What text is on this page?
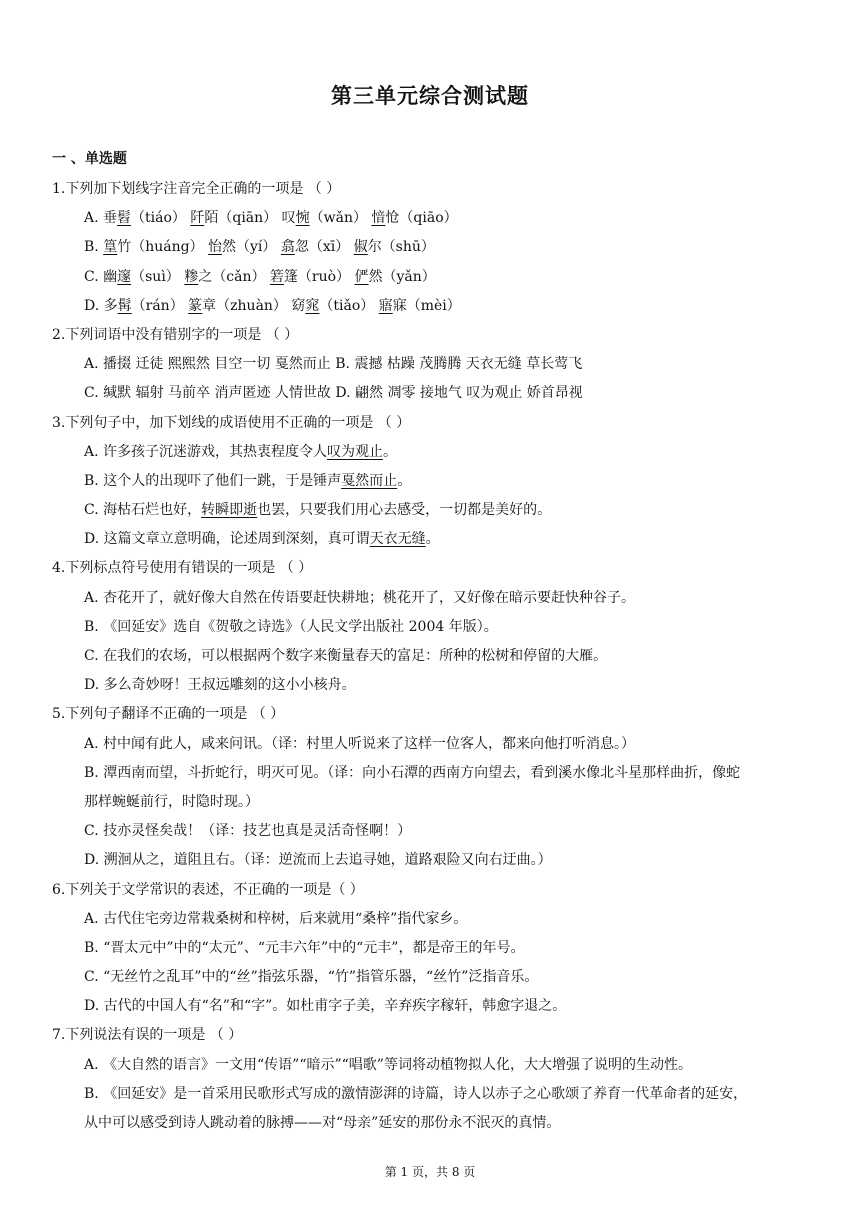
第三单元综合测试题
一 、单选题
1.下列加下划线字注音完全正确的一项是 （ ）
A. 垂髫（tiáo） 阡陌（qiān） 叹惋（wǎn） 愔怆（qiāo）
B. 篁竹（huáng） 怡然（yí） 翕忽（xī） 俶尔（shū）
C. 幽邃（suì） 糁之（cǎn） 箬篷（ruò） 俨然（yǎn）
D. 多髯（rán） 篆章（zhuàn） 窈窕（tiǎo） 寤寐（mèi）
2.下列词语中没有错别字的一项是 （ ）
A. 播掇 迁徒 熙熙然 目空一切 戛然而止 B. 震撼 枯躁 茂腾腾 天衣无缝 草长莺飞
C. 缄默 辐射 马前卒 消声匿迹 人情世故 D. 翩然 凋零 接地气 叹为观止 娇首昂视
3.下列句子中，加下划线的成语使用不正确的一项是 （ ）
A. 许多孩子沉迷游戏，其热衷程度令人叹为观止。
B. 这个人的出现吓了他们一跳，于是锤声戛然而止。
C. 海枯石烂也好，转瞬即逝也罢，只要我们用心去感受，一切都是美好的。
D. 这篇文章立意明确，论述周到深刻，真可谓天衣无缝。
4.下列标点符号使用有错误的一项是 （ ）
A. 杏花开了，就好像大自然在传语要赶快耕地；桃花开了，又好像在暗示要赶快种谷子。
B. 《回延安》选自《贺敬之诗选》（人民文学出版社 2004 年版）。
C. 在我们的农场，可以根据两个数字来衡量春天的富足：所种的松树和停留的大雁。
D. 多么奇妙呀！王叔远雕刻的这小小核舟。
5.下列句子翻译不正确的一项是 （ ）
A. 村中闻有此人，咸来问讯。（译：村里人听说来了这样一位客人，都来向他打听消息。）
B. 潭西南而望，斗折蛇行，明灭可见。（译：向小石潭的西南方向望去，看到溪水像北斗星那样曲折，像蛇
那样蜿蜒前行，时隐时现。）
C. 技亦灵怪矣哉！（译：技艺也真是灵活奇怪啊！）
D. 溯洄从之，道阻且右。（译：逆流而上去追寻她，道路艰险又向右迂曲。）
6.下列关于文学常识的表述，不正确的一项是（ ）
A. 古代住宅旁边常栽桑树和梓树，后来就用“桑梓”指代家乡。
B. “晋太元中”中的“太元”、“元丰六年”中的“元丰”，都是帝王的年号。
C. “无丝竹之乱耳”中的“丝”指弦乐器，“竹”指管乐器，“丝竹”泛指音乐。
D. 古代的中国人有“名”和“字”。如杜甫字子美，辛弃疾字稼轩，韩愈字退之。
7.下列说法有误的一项是 （ ）
A. 《大自然的语言》一文用“传语”“暗示”“唱歌”等词将动植物拟人化，大大增强了说明的生动性。
B. 《回延安》是一首采用民歌形式写成的激情澎湃的诗篇，诗人以赤子之心歌颂了养育一代革命者的延安，
从中可以感受到诗人跳动着的脉搏——对“母亲”延安的那份永不泯灭的真情。
第 1 页，共 8 页
